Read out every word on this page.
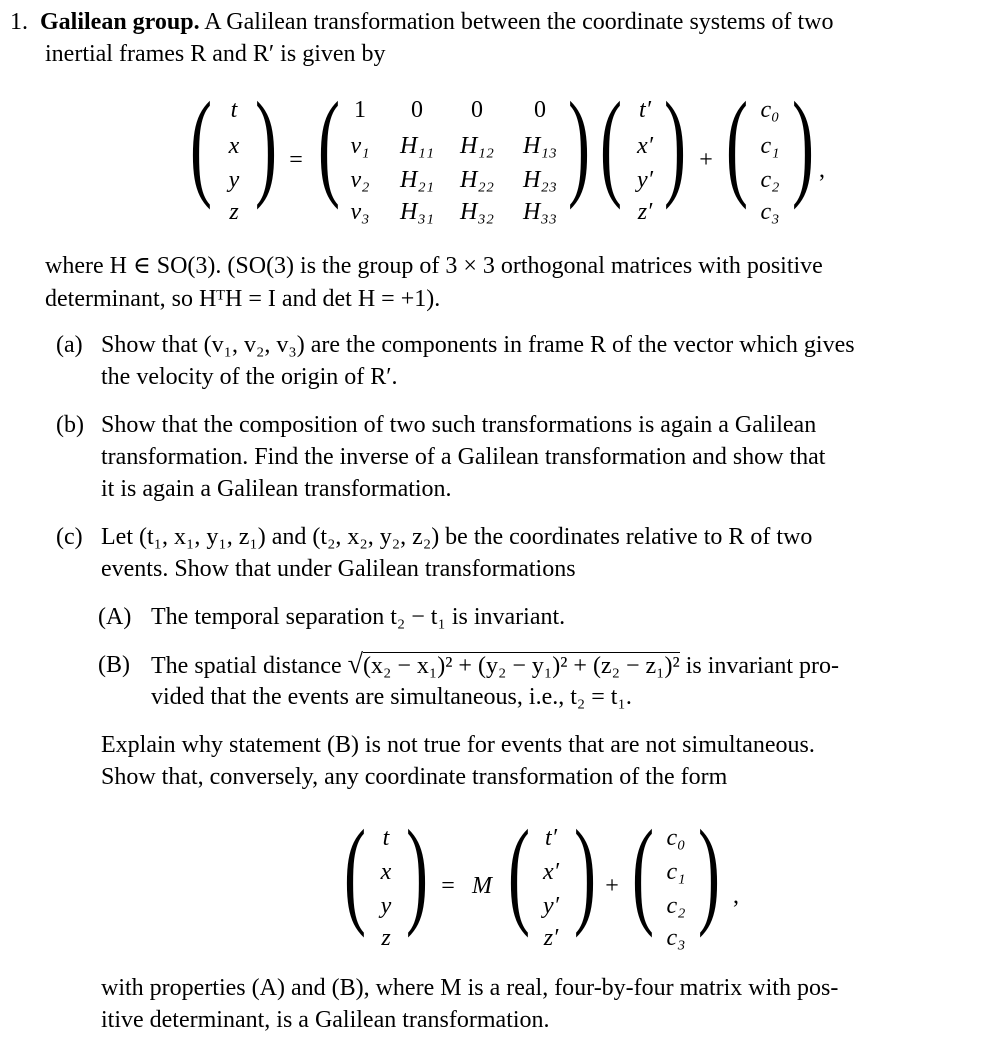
1. Galilean group. A Galilean transformation between the coordinate systems of two
inertial frames R and R′ is given by
( )
t
x
y
z
= ( )
1	0	0	0
v₁	H₁₁	H₁₂	H₁₃
v₂	H₂₁	H₂₂	H₂₃
v₃	H₃₁	H₃₂	H₃₃
( )
t′
x′
y′
z′
+ ( )
c₀
c₁
c₂
c₃
,
where H ∈ SO(3). (SO(3) is the group of 3 × 3 orthogonal matrices with positive
determinant, so HᵀH = I and det H = +1).
(a) Show that (v₁, v₂, v₃) are the components in frame R of the vector which gives
the velocity of the origin of R′.
(b) Show that the composition of two such transformations is again a Galilean
transformation. Find the inverse of a Galilean transformation and show that
it is again a Galilean transformation.
(c) Let (t₁, x₁, y₁, z₁) and (t₂, x₂, y₂, z₂) be the coordinates relative to R of two
events. Show that under Galilean transformations
(A) The temporal separation t₂ − t₁ is invariant.
(B) The spatial distance √(x₂ − x₁)² + (y₂ − y₁)² + (z₂ − z₁)² is invariant pro-
vided that the events are simultaneous, i.e., t₂ = t₁.
Explain why statement (B) is not true for events that are not simultaneous.
Show that, conversely, any coordinate transformation of the form
( )
t
x
y
z
= M ( )
t′
x′
y′
z′
+ ( )
c₀
c₁
c₂
c₃
,
with properties (A) and (B), where M is a real, four-by-four matrix with pos-
itive determinant, is a Galilean transformation.
